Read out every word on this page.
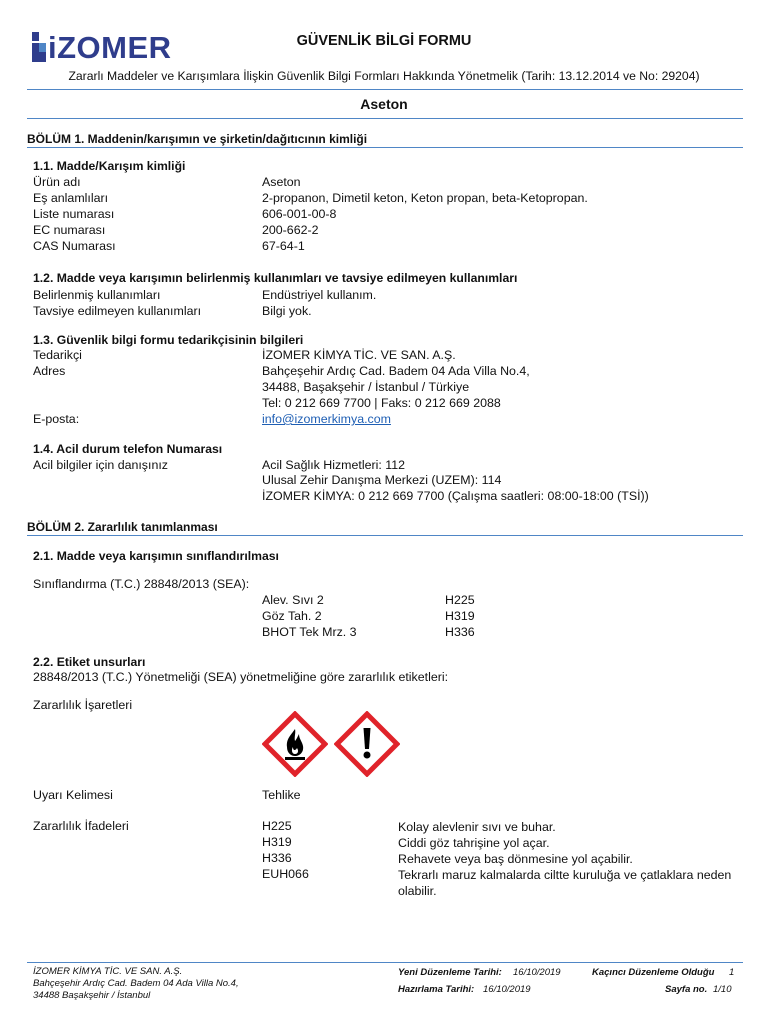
iZOMER	GÜVENLİK BİLGİ FORMU
Zararlı Maddeler ve Karışımlara İlişkin Güvenlik Bilgi Formları Hakkında Yönetmelik (Tarih: 13.12.2014 ve No: 29204)
Aseton
BÖLÜM 1. Maddenin/karışımın ve şirketin/dağıtıcının kimliği
1.1. Madde/Karışım kimliği
Ürün adı	Aseton
Eş anlamlıları	2-propanon, Dimetil keton, Keton propan, beta-Ketopropan.
Liste numarası	606-001-00-8
EC numarası	200-662-2
CAS Numarası	67-64-1
1.2. Madde veya karışımın belirlenmiş kullanımları ve tavsiye edilmeyen kullanımları
Belirlenmiş kullanımları	Endüstriyel kullanım.
Tavsiye edilmeyen kullanımları	Bilgi yok.
1.3. Güvenlik bilgi formu tedarikçisinin bilgileri
Tedarikçi	İZOMER KİMYA TİC. VE SAN. A.Ş.
Adres	Bahçeşehir Ardıç Cad. Badem 04 Ada Villa No.4,
34488, Başakşehir / İstanbul / Türkiye
Tel: 0 212 669 7700 | Faks: 0 212 669 2088
E-posta:	info@izomerkimya.com
1.4. Acil durum telefon Numarası
Acil bilgiler için danışınız	Acil Sağlık Hizmetleri: 112
Ulusal Zehir Danışma Merkezi (UZEM): 114
İZOMER KİMYA: 0 212 669 7700 (Çalışma saatleri: 08:00-18:00 (TSİ))
BÖLÜM 2. Zararlılık tanımlanması
2.1. Madde veya karışımın sınıflandırılması
Sınıflandırma (T.C.) 28848/2013 (SEA):
Alev. Sıvı 2	H225
Göz Tah. 2	H319
BHOT Tek Mrz. 3	H336
2.2. Etiket unsurları
28848/2013 (T.C.) Yönetmeliği (SEA) yönetmeliğine göre zararlılık etiketleri:
Zararlılık İşaretleri
Uyarı Kelimesi	Tehlike
Zararlılık İfadeleri	H225	Kolay alevlenir sıvı ve buhar.
H319	Ciddi göz tahrişine yol açar.
H336	Rehavete veya baş dönmesine yol açabilir.
EUH066	Tekrarlı maruz kalmalarda ciltte kuruluğa ve çatlaklara neden olabilir.
İZOMER KİMYA TİC. VE SAN. A.Ş.
Bahçeşehir Ardıç Cad. Badem 04 Ada Villa No.4,
34488 Başakşehir / İstanbul
Yeni Düzenleme Tarihi: 16/10/2019	Kaçıncı Düzenleme Olduğu 1
Hazırlama Tarihi: 16/10/2019	Sayfa no. 1/10
